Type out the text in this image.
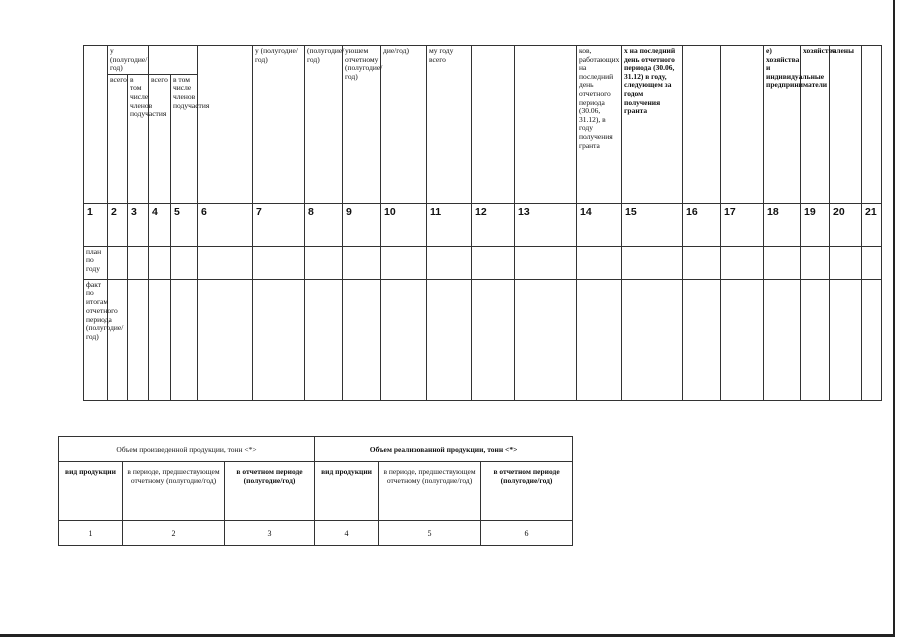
	у (полугодие/год)					у (полугодие/год)	(полугодие/год)	уюшем отчетному (полугодие/год)	дие/год)	му году всего			ков, работающих на последний день отчетного периода (30.06, 31.12), в году получения гранта	х на последний день отчетного периода (30.06, 31.12) в году, следующем за годом получения гранта			е) хозяйства и индивидуальные предприниматели	хозяйства	члены	
	всего	в том числе членов подучастия	всего	в том числе членов подучастия																
1	2	3	4	5	6	7	8	9	10	11	12	13	14	15	16	17	18	19	20	21
план по году																				
факт по итогам отчетного периода (полугодие/год)																				
Объем произведенной продукции, тонн <*>			Объем реализованной продукции, тонн <*>		
вид продукции	в периоде, предшествующем отчетному (полугодие/год)	в отчетном периоде (полугодие/год)	вид продукции	в периоде, предшествующем отчетному (полугодие/год)	в отчетном периоде (полугодие/год)
1	2	3	4	5	6
